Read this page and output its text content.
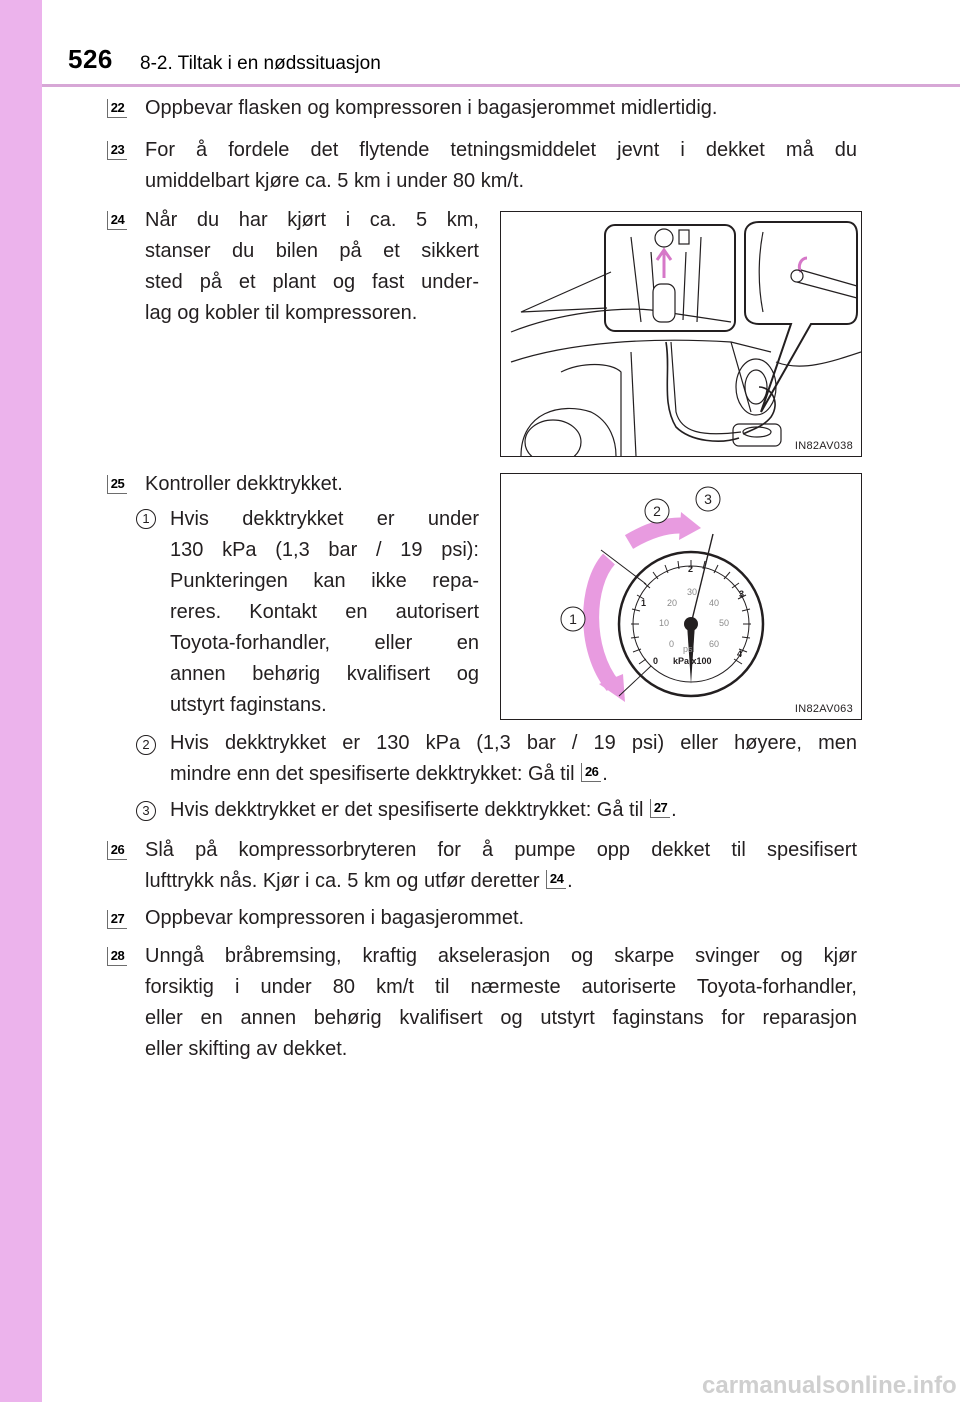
526 8-2. Tiltak i en nødssituasjon
22 Oppbevar flasken og kompressoren i bagasjerommet midlertidig.
23 For å fordele det flytende tetningsmiddelet jevnt i dekket må du
umiddelbart kjøre ca. 5 km i under 80 km/t.
24 Når du har kjørt i ca. 5 km,
stanser du bilen på et sikkert
sted på et plant og fast under-
lag og kobler til kompressoren.
IN82AV038
25 Kontroller dekktrykket.
1	Hvis dekktrykket er under
130 kPa (1,3 bar / 19 psi):
Punkteringen kan ikke repa-
reres. Kontakt en autorisert
Toyota-forhandler, eller en
annen behørig kvalifisert og
utstyrt faginstans.
0
1
2
3
4
0
10
20
30
40
50
60
psi
kPa x100
1
2
3
IN82AV063
2	Hvis dekktrykket er 130 kPa (1,3 bar / 19 psi) eller høyere, men
mindre enn det spesifiserte dekktrykket: Gå til 26 .
3	Hvis dekktrykket er det spesifiserte dekktrykket: Gå til 27 .
26 Slå på kompressorbryteren for å pumpe opp dekket til spesifisert
lufttrykk nås. Kjør i ca. 5 km og utfør deretter 24 .
27 Oppbevar kompressoren i bagasjerommet.
28 Unngå bråbremsing, kraftig akselerasjon og skarpe svinger og kjør
forsiktig i under 80 km/t til nærmeste autoriserte Toyota-forhandler,
eller en annen behørig kvalifisert og utstyrt faginstans for reparasjon
eller skifting av dekket.
carmanualsonline.info
